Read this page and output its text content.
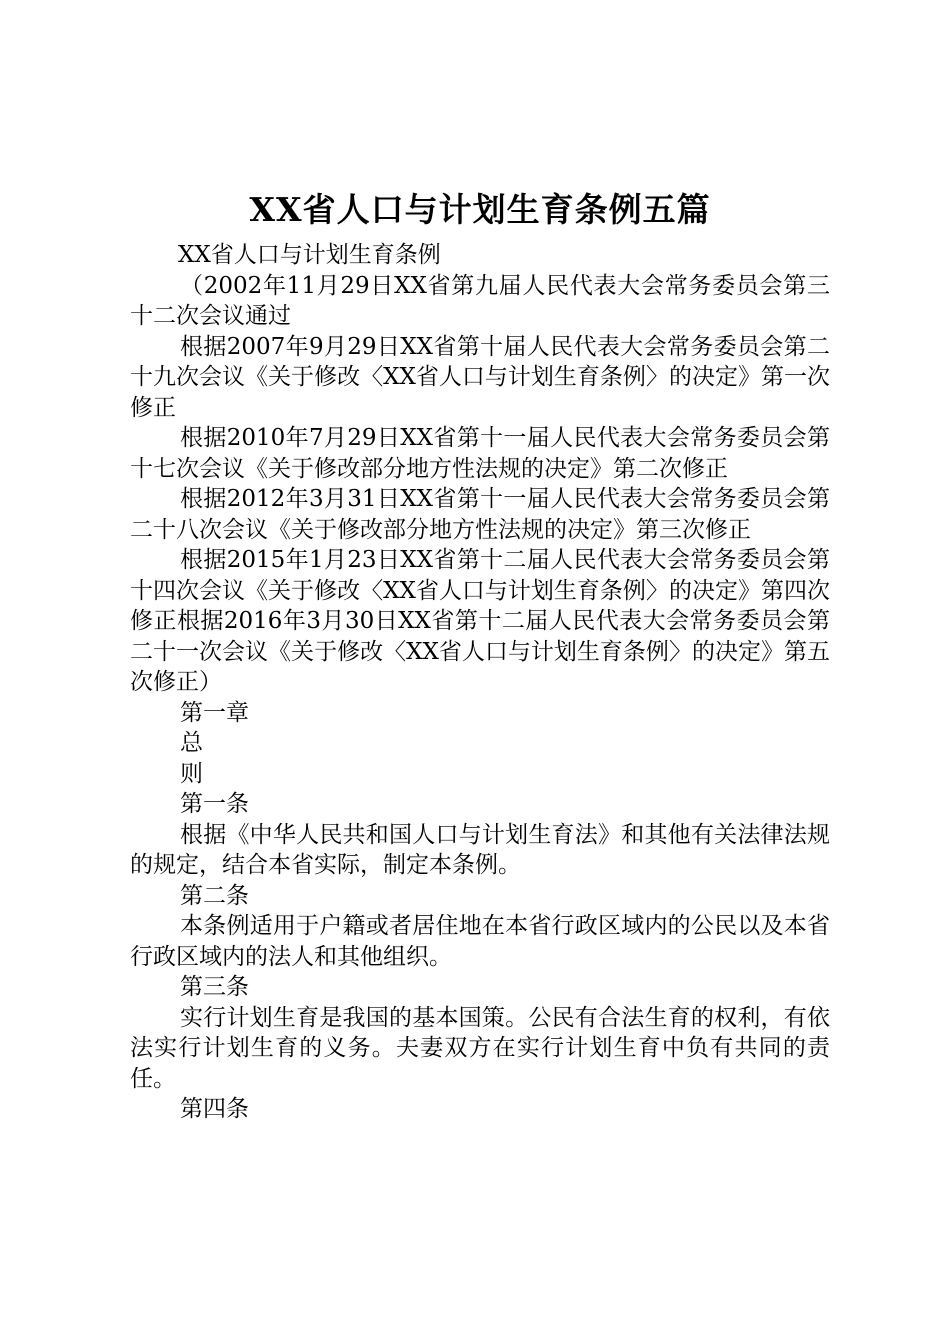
XX省人口与计划生育条例五篇

XX省人口与计划生育条例

（2002年11月29日XX省第九届人民代表大会常务委员会第三十二次会议通过

根据2007年9月29日XX省第十届人民代表大会常务委员会第二十九次会议《关于修改〈XX省人口与计划生育条例〉的决定》第一次修正

根据2010年7月29日XX省第十一届人民代表大会常务委员会第十七次会议《关于修改部分地方性法规的决定》第二次修正

根据2012年3月31日XX省第十一届人民代表大会常务委员会第二十八次会议《关于修改部分地方性法规的决定》第三次修正

根据2015年1月23日XX省第十二届人民代表大会常务委员会第十四次会议《关于修改〈XX省人口与计划生育条例〉的决定》第四次修正根据2016年3月30日XX省第十二届人民代表大会常务委员会第二十一次会议《关于修改〈XX省人口与计划生育条例〉的决定》第五次修正）

第一章

总

则

第一条

根据《中华人民共和国人口与计划生育法》和其他有关法律法规的规定，结合本省实际，制定本条例。

第二条

本条例适用于户籍或者居住地在本省行政区域内的公民以及本省行政区域内的法人和其他组织。

第三条

实行计划生育是我国的基本国策。公民有合法生育的权利，有依法实行计划生育的义务。夫妻双方在实行计划生育中负有共同的责任。

第四条
